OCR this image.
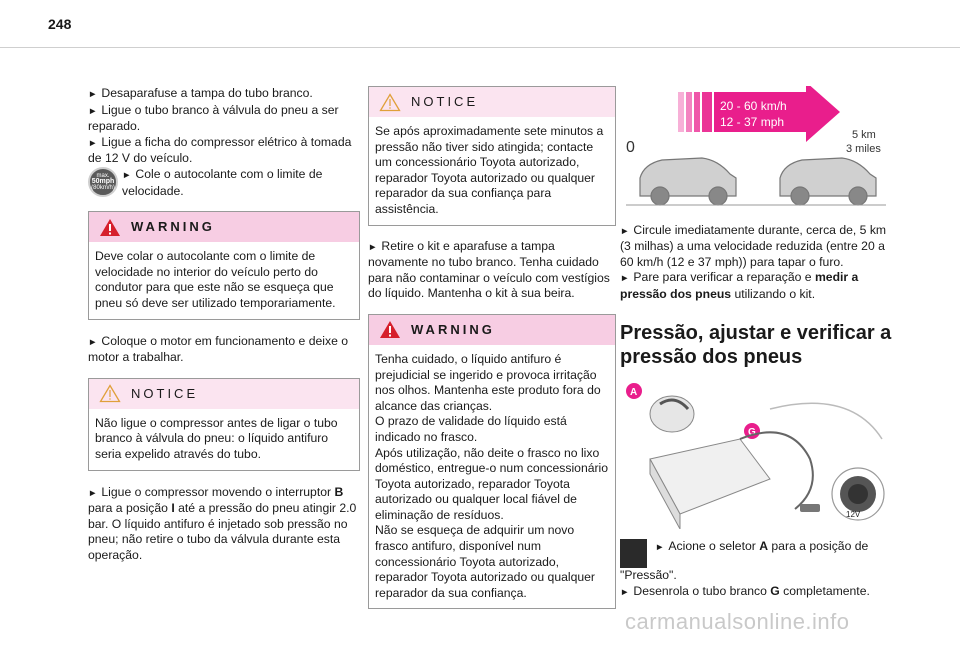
248

► Desaparafuse a tampa do tubo branco.

► Ligue o tubo branco à válvula do pneu a ser reparado.

► Ligue a ficha do compressor elétrico à tomada de 12 V do veículo.

max.
50mph
(80km/h)

► Cole o autocolante com o limite de velocidade.

WARNING
Deve colar o autocolante com o limite de velocidade no interior do veículo perto do condutor para que este não se esqueça que pneu só deve ser utilizado temporariamente.

► Coloque o motor em funcionamento e deixe o motor a trabalhar.

NOTICE
Não ligue o compressor antes de ligar o tubo branco à válvula do pneu: o líquido antifuro seria expelido através do tubo.

► Ligue o compressor movendo o interruptor B para a posição I até a pressão do pneu atingir 2.0 bar. O líquido antifuro é injetado sob pressão no pneu; não retire o tubo da válvula durante esta operação.

NOTICE
Se após aproximadamente sete minutos a pressão não tiver sido atingida; contacte um concessionário Toyota autorizado, reparador Toyota autorizado ou qualquer reparador da sua confiança para assistência.

► Retire o kit e aparafuse a tampa novamente no tubo branco. Tenha cuidado para não contaminar o veículo com vestígios do líquido. Mantenha o kit à sua beira.

WARNING

Tenha cuidado, o líquido antifuro é prejudicial se ingerido e provoca irritação nos olhos. Mantenha este produto fora do alcance das crianças.

O prazo de validade do líquido está indicado no frasco.

Após utilização, não deite o frasco no lixo doméstico, entregue-o num concessionário Toyota autorizado, reparador Toyota autorizado ou qualquer local fiável de eliminação de resíduos.

Não se esqueça de adquirir um novo frasco antifuro, disponível num concessionário Toyota autorizado, reparador Toyota autorizado ou qualquer reparador da sua confiança.

20 - 60 km/h
12 - 37 mph
0
5 km
3 miles

► Circule imediatamente durante, cerca de, 5 km (3 milhas) a uma velocidade reduzida (entre 20 a 60 km/h (12 e 37 mph)) para tapar o furo.

► Pare para verificar a reparação e medir a pressão dos pneus utilizando o kit.

Pressão, ajustar e verificar a pressão dos pneus
A
G
12V

► Acione o seletor A para a posição de "Pressão".

► Desenrola o tubo branco G completamente.

carmanualsonline.info
